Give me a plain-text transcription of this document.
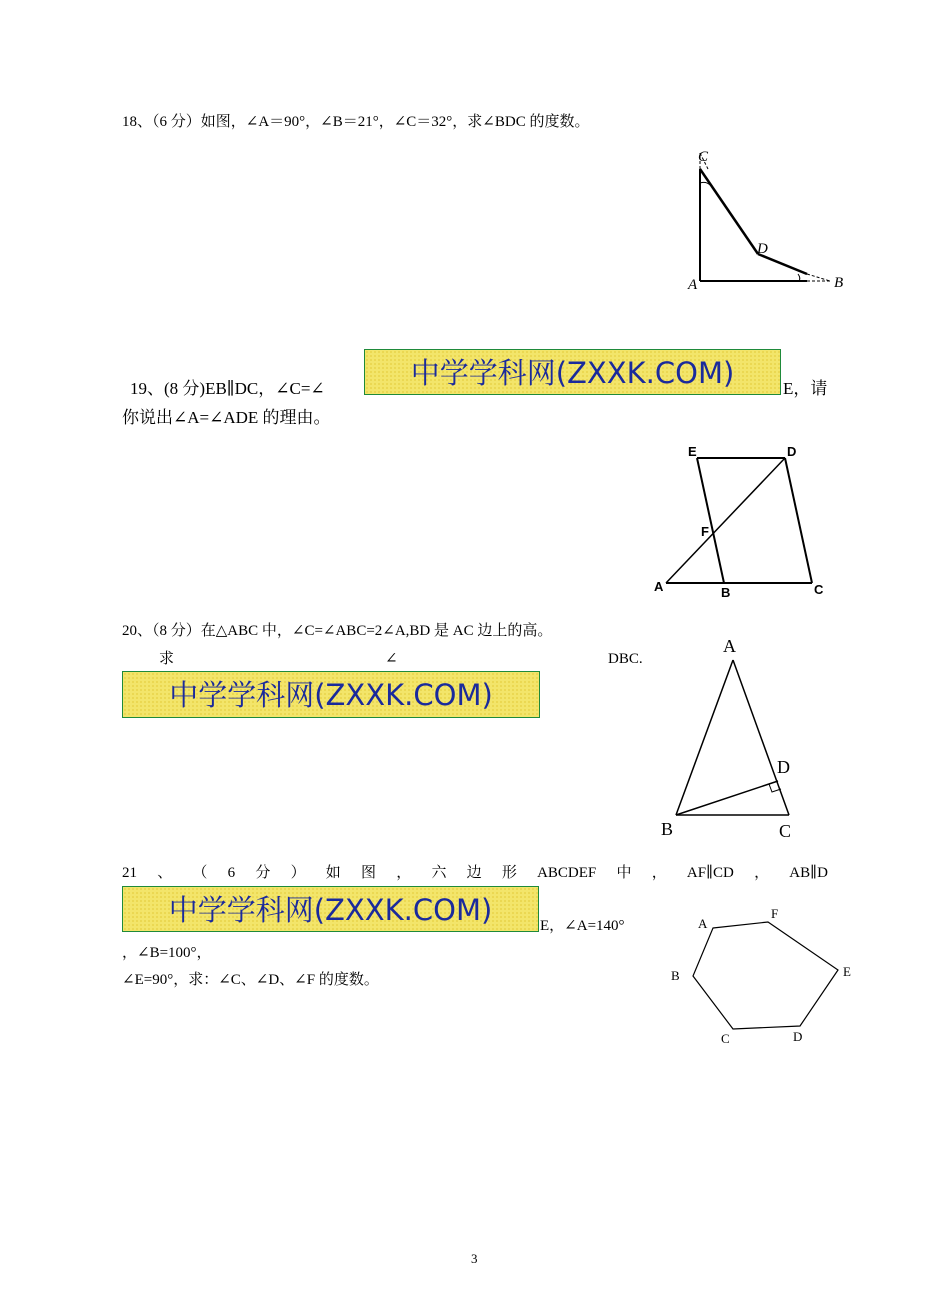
18、（6 分）如图，∠A＝90°，∠B＝21°，∠C＝32°，求∠BDC 的度数。
C
D
A	B
19、(8 分)EB∥DC，∠C=∠	中学学科网(ZXXK.COM)	E，请
你说出∠A=∠ADE 的理由。
E	D
F
A	B	C
20、（8 分）在△ABC 中，∠C=∠ABC=2∠A,BD 是 AC 边上的高。
求	∠	DBC.
中学学科网(ZXXK.COM)
A
D
B	C
21 、 （ 6 分 ） 如 图 ， 六 边 形 ABCDEF 中 ， AF∥CD ， AB∥D
中学学科网(ZXXK.COM)	E，∠A=140°
，∠B=100°，
∠E=90°，求：∠C、∠D、∠F 的度数。
A
F
E
D
C
B
3
